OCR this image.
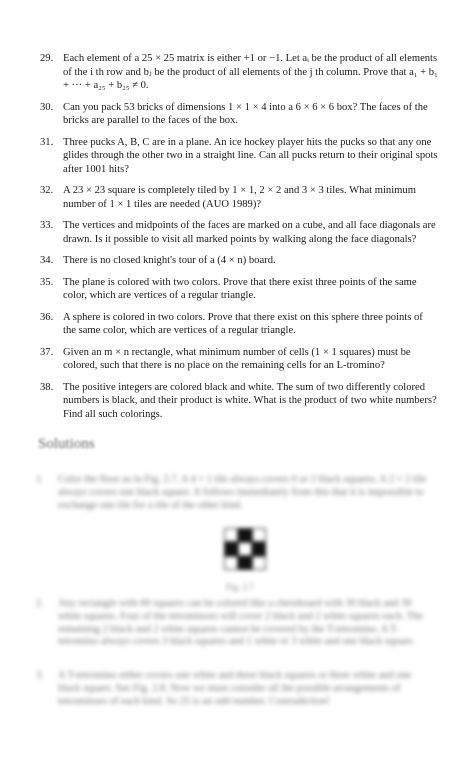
29. Each element of a 25 × 25 matrix is either +1 or −1. Let aᵢ be the product of all elements of the i th row and bⱼ be the product of all elements of the j th column. Prove that a₁ + b₁ + ··· + a₂₅ + b₂₅ ≠ 0.
30. Can you pack 53 bricks of dimensions 1 × 1 × 4 into a 6 × 6 × 6 box? The faces of the bricks are parallel to the faces of the box.
31. Three pucks A, B, C are in a plane. An ice hockey player hits the pucks so that any one glides through the other two in a straight line. Can all pucks return to their original spots after 1001 hits?
32. A 23 × 23 square is completely tiled by 1 × 1, 2 × 2 and 3 × 3 tiles. What minimum number of 1 × 1 tiles are needed (AUO 1989)?
33. The vertices and midpoints of the faces are marked on a cube, and all face diagonals are drawn. Is it possible to visit all marked points by walking along the face diagonals?
34. There is no closed knight's tour of a (4 × n) board.
35. The plane is colored with two colors. Prove that there exist three points of the same color, which are vertices of a regular triangle.
36. A sphere is colored in two colors. Prove that there exist on this sphere three points of the same color, which are vertices of a regular triangle.
37. Given an m × n rectangle, what minimum number of cells (1 × 1 squares) must be colored, such that there is no place on the remaining cells for an L-tromino?
38. The positive integers are colored black and white. The sum of two differently colored numbers is black, and their product is white. What is the product of two white numbers? Find all such colorings.
Solutions
1. Color the floor as in Fig. 2.7. A 4 × 1 tile always covers 0 or 2 black squares. A 2 × 2 tile always covers one black square. It follows immediately from this that it is impossible to exchange one tile for a tile of the other kind.
Fig. 2.7
2. Any rectangle with 60 squares can be colored like a chessboard with 30 black and 30 white squares. Four of the tetrominoes will cover 2 black and 2 white squares each. The remaining 2 black and 2 white squares cannot be covered by the T-tetromino. A T-tetromino always covers 3 black squares and 1 white or 3 white and one black square.
3. A T-tetromino either covers one white and three black squares or three white and one black square. See Fig. 2.8. Now we must consider all the possible arrangements of tetrominoes of each kind. So 25 is an odd number. Contradiction!
